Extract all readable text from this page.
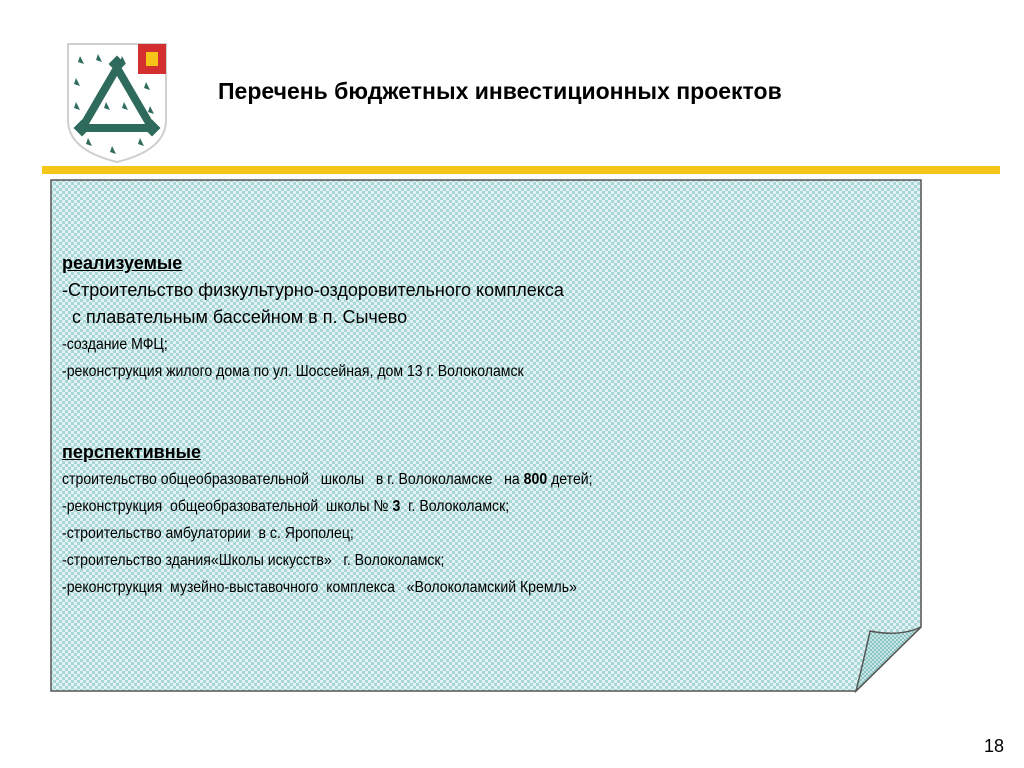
Перечень бюджетных инвестиционных проектов
реализуемые
-Строительство физкультурно-оздоровительного комплекса
с плавательным бассейном в п. Сычево
-создание МФЦ;
-реконструкция жилого дома по ул. Шоссейная, дом 13 г. Волоколамск
перспективные
строительство общеобразовательной   школы   в г. Волоколамске   на 800 детей;
-реконструкция  общеобразовательной  школы № 3  г. Волоколамск;
-строительство амбулатории  в с. Ярополец;
-строительство здания«Школы искусств»   г. Волоколамск;
-реконструкция  музейно-выставочного  комплекса   «Волоколамский Кремль»
18
